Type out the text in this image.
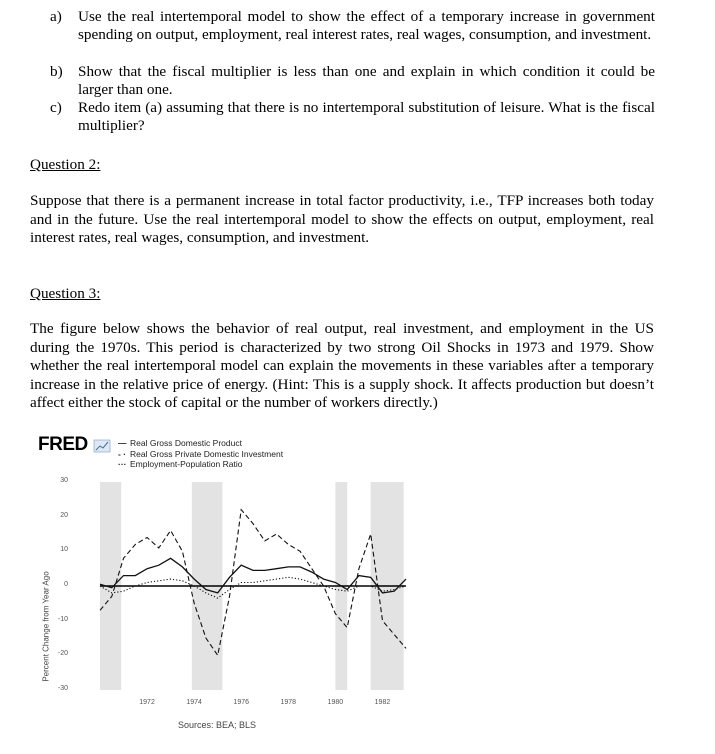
a) Use the real intertemporal model to show the effect of a temporary increase in government spending on output, employment, real interest rates, real wages, consumption, and investment.
b) Show that the fiscal multiplier is less than one and explain in which condition it could be larger than one.
c) Redo item (a) assuming that there is no intertemporal substitution of leisure. What is the fiscal multiplier?
Question 2:
Suppose that there is a permanent increase in total factor productivity, i.e., TFP increases both today and in the future. Use the real intertemporal model to show the effects on output, employment, real interest rates, real wages, consumption, and investment.
Question 3:
The figure below shows the behavior of real output, real investment, and employment in the US during the 1970s. This period is characterized by two strong Oil Shocks in 1973 and 1979. Show whether the real intertemporal model can explain the movements in these variables after a temporary increase in the relative price of energy. (Hint: This is a supply shock. It affects production but doesn’t affect either the stock of capital or the number of workers directly.)
FRED	— Real Gross Domestic Product
- · Real Gross Private Domestic Investment
··· Employment-Population Ratio
Percent Change from Year Ago
30
20
10
0
-10
-20
-30
1972	1974	1976	1978	1980	1982
Sources: BEA; BLS
